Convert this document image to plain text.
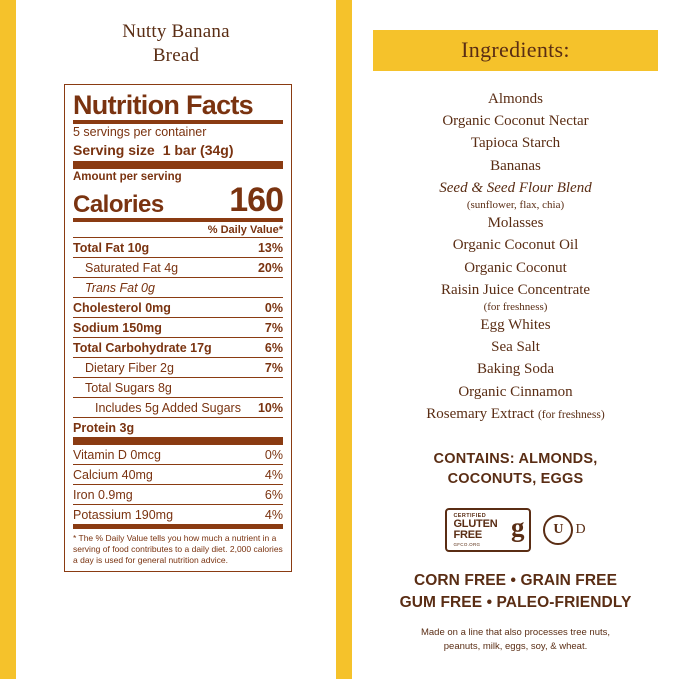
Nutty Banana
Bread
Nutrition Facts
5 servings per container
Serving size 1 bar (34g)
Amount per serving
Calories 160
% Daily Value*
Total Fat 10g	13%
Saturated Fat 4g	20%
Trans Fat 0g
Cholesterol 0mg	0%
Sodium 150mg	7%
Total Carbohydrate 17g	6%
Dietary Fiber 2g	7%
Total Sugars 8g
Includes 5g Added Sugars 10%
Protein 3g
Vitamin D 0mcg	0%
Calcium 40mg	4%
Iron 0.9mg	6%
Potassium 190mg	4%
* The % Daily Value tells you how much a nutrient in a serving of food contributes to a daily diet. 2,000 calories a day is used for general nutrition advice.
Ingredients:
Almonds
Organic Coconut Nectar
Tapioca Starch
Bananas
Seed & Seed Flour Blend
(sunflower, flax, chia)
Molasses
Organic Coconut Oil
Organic Coconut
Raisin Juice Concentrate
(for freshness)
Egg Whites
Sea Salt
Baking Soda
Organic Cinnamon
Rosemary Extract (for freshness)
CONTAINS: ALMONDS,
COCONUTS, EGGS
CERTIFIED
GLUTEN
FREE
GFCO.ORG
g	U D
CORN FREE • GRAIN FREE
GUM FREE • PALEO-FRIENDLY
Made on a line that also processes tree nuts,
peanuts, milk, eggs, soy, & wheat.
